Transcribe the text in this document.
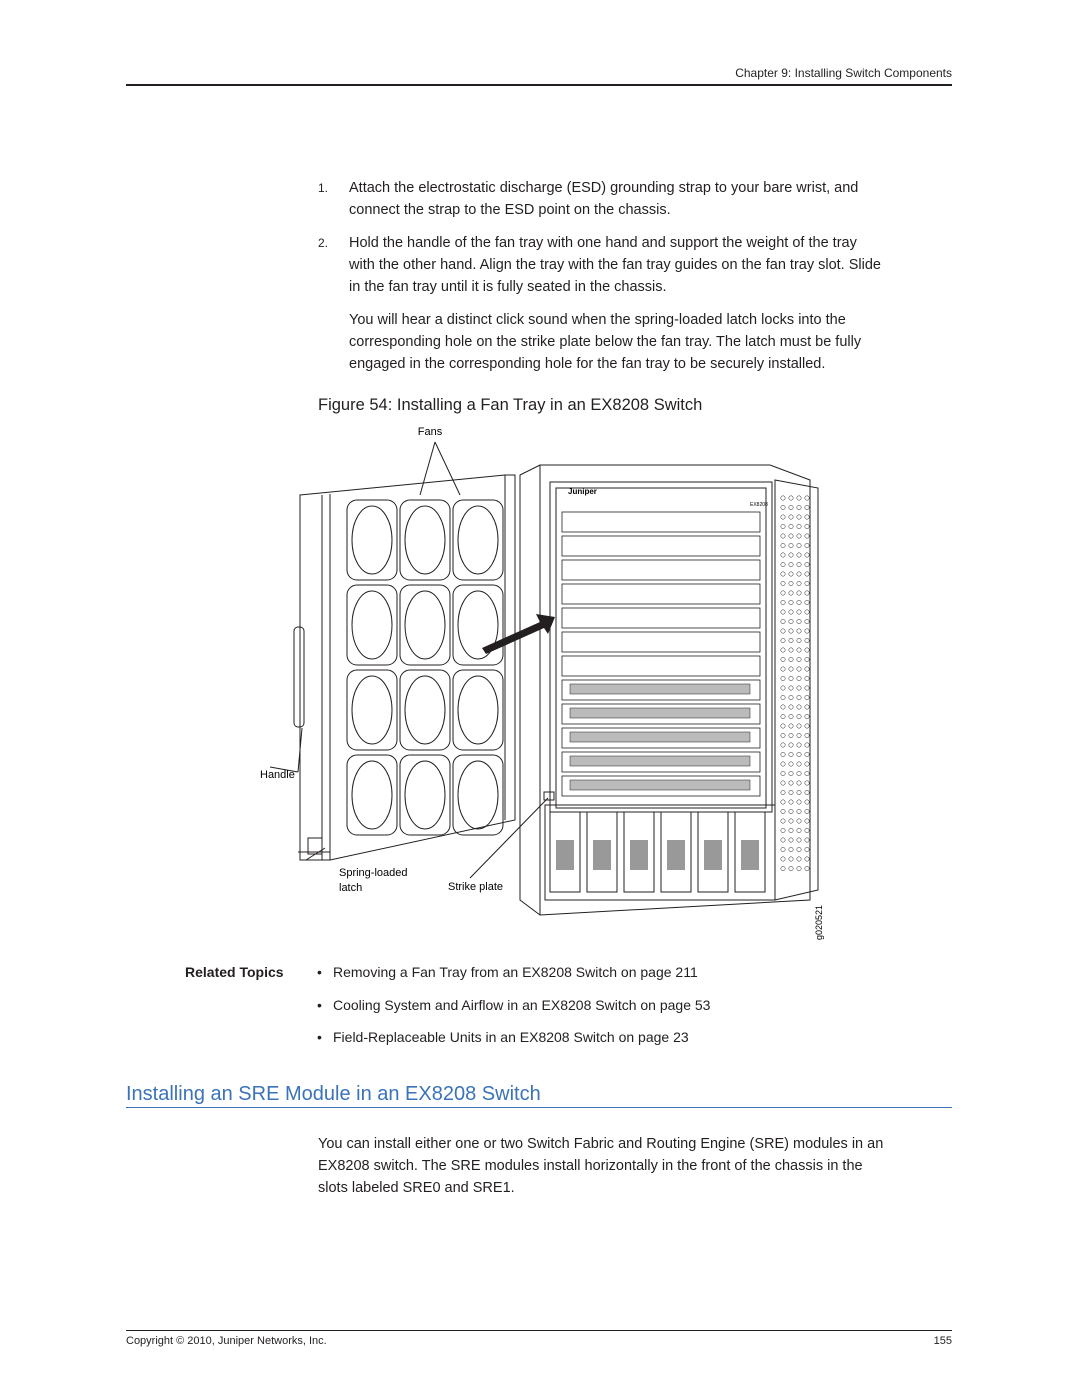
Chapter 9: Installing Switch Components
1. Attach the electrostatic discharge (ESD) grounding strap to your bare wrist, and
connect the strap to the ESD point on the chassis.
2. Hold the handle of the fan tray with one hand and support the weight of the tray
with the other hand. Align the tray with the fan tray guides on the fan tray slot. Slide
in the fan tray until it is fully seated in the chassis.
You will hear a distinct click sound when the spring-loaded latch locks into the
corresponding hole on the strike plate below the fan tray. The latch must be fully
engaged in the corresponding hole for the fan tray to be securely installed.
Figure 54: Installing a Fan Tray in an EX8208 Switch
Fans
Handle
Spring-loaded
latch	Strike plate
Juniper
EX8208
g020521
Related Topics • Removing a Fan Tray from an EX8208 Switch on page 211
• Cooling System and Airflow in an EX8208 Switch on page 53
• Field-Replaceable Units in an EX8208 Switch on page 23
Installing an SRE Module in an EX8208 Switch
You can install either one or two Switch Fabric and Routing Engine (SRE) modules in an
EX8208 switch. The SRE modules install horizontally in the front of the chassis in the
slots labeled SRE0 and SRE1.
Copyright © 2010, Juniper Networks, Inc.	155
